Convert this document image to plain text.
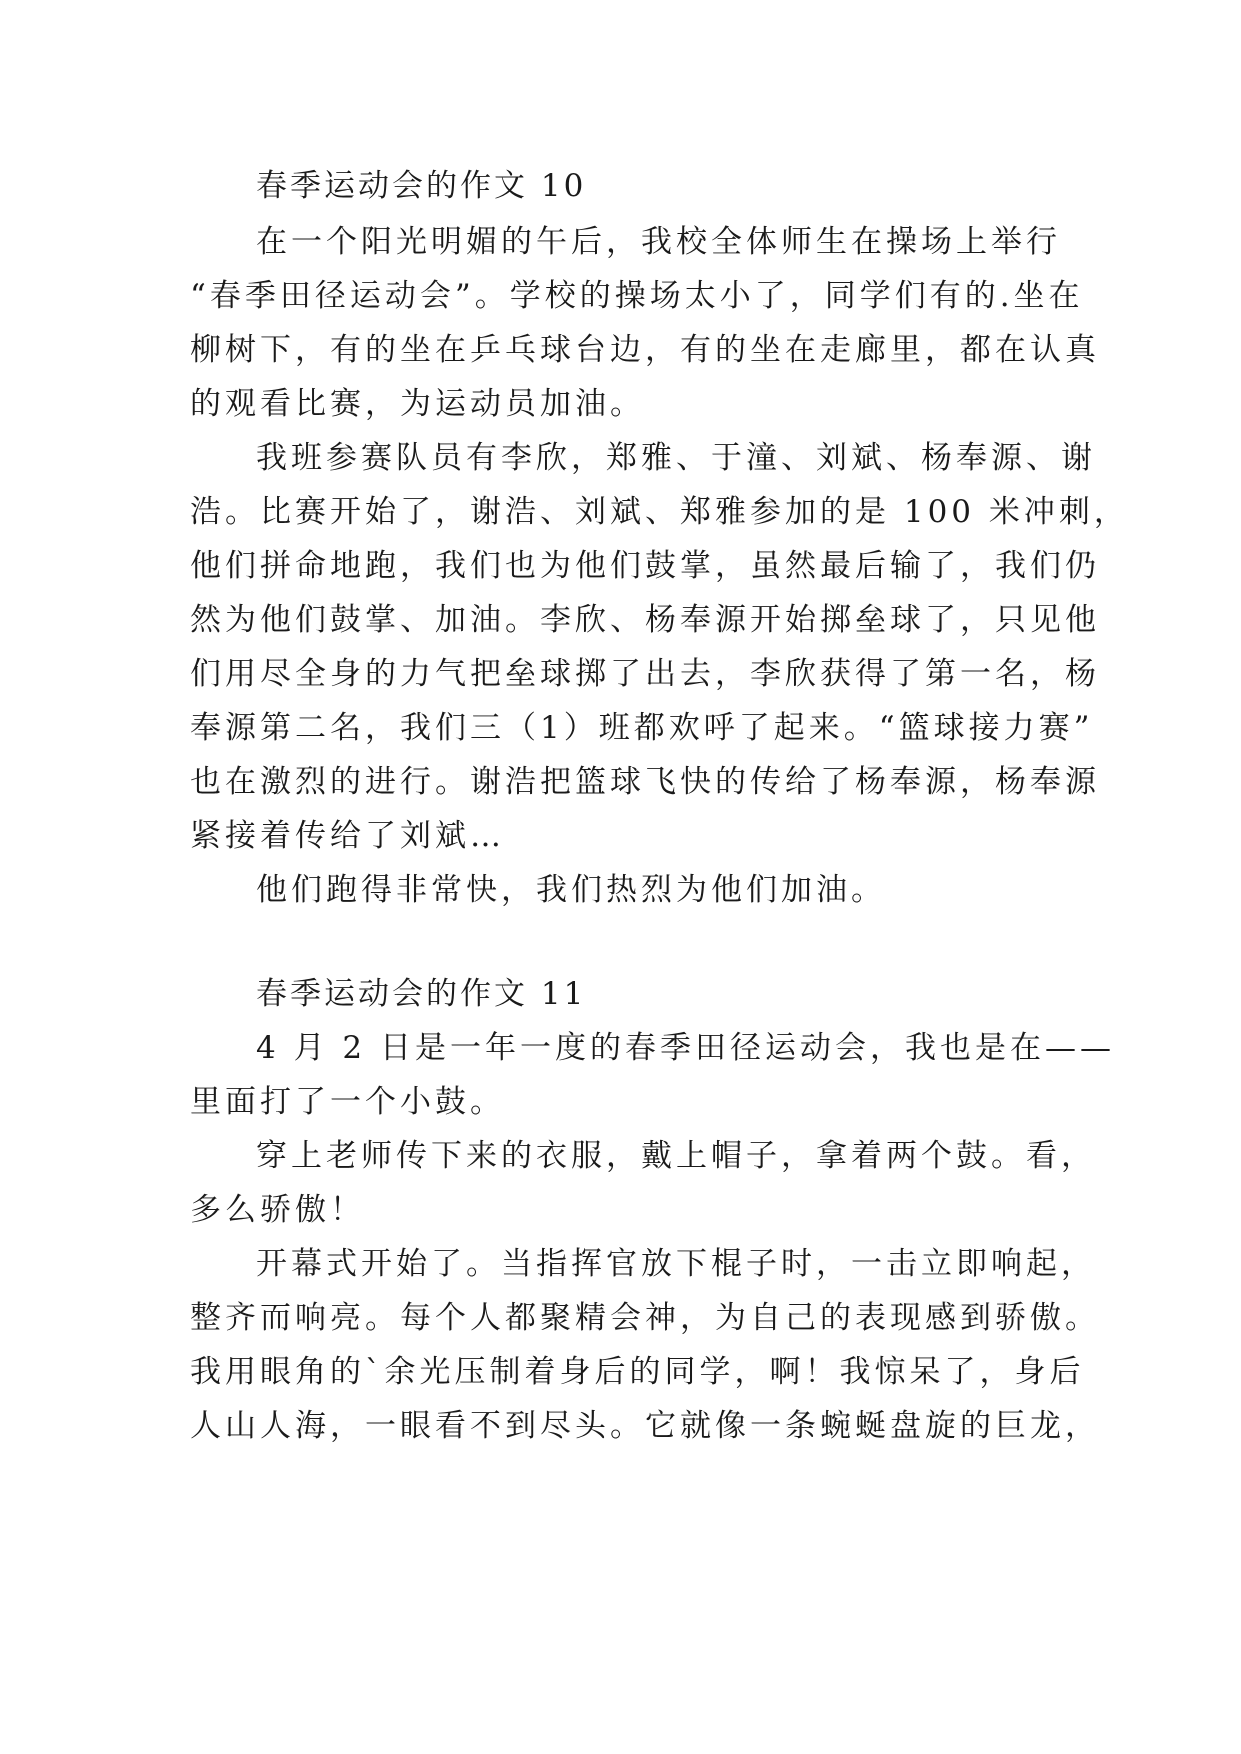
春季运动会的作文 10
在一个阳光明媚的午后，我校全体师生在操场上举行
“春季田径运动会”。学校的操场太小了，同学们有的.坐在
柳树下，有的坐在乒乓球台边，有的坐在走廊里，都在认真
的观看比赛，为运动员加油。
我班参赛队员有李欣，郑雅、于潼、刘斌、杨奉源、谢
浩。比赛开始了，谢浩、刘斌、郑雅参加的是 100 米冲刺，
他们拼命地跑，我们也为他们鼓掌，虽然最后输了，我们仍
然为他们鼓掌、加油。李欣、杨奉源开始掷垒球了，只见他
们用尽全身的力气把垒球掷了出去，李欣获得了第一名，杨
奉源第二名，我们三（1）班都欢呼了起来。“篮球接力赛”
也在激烈的进行。谢浩把篮球飞快的传给了杨奉源，杨奉源
紧接着传给了刘斌…
他们跑得非常快，我们热烈为他们加油。
春季运动会的作文 11
4 月 2 日是一年一度的春季田径运动会，我也是在——
里面打了一个小鼓。
穿上老师传下来的衣服，戴上帽子，拿着两个鼓。看，
多么骄傲！
开幕式开始了。当指挥官放下棍子时，一击立即响起，
整齐而响亮。每个人都聚精会神，为自己的表现感到骄傲。
我用眼角的`余光压制着身后的同学，啊！我惊呆了，身后
人山人海，一眼看不到尽头。它就像一条蜿蜒盘旋的巨龙，
